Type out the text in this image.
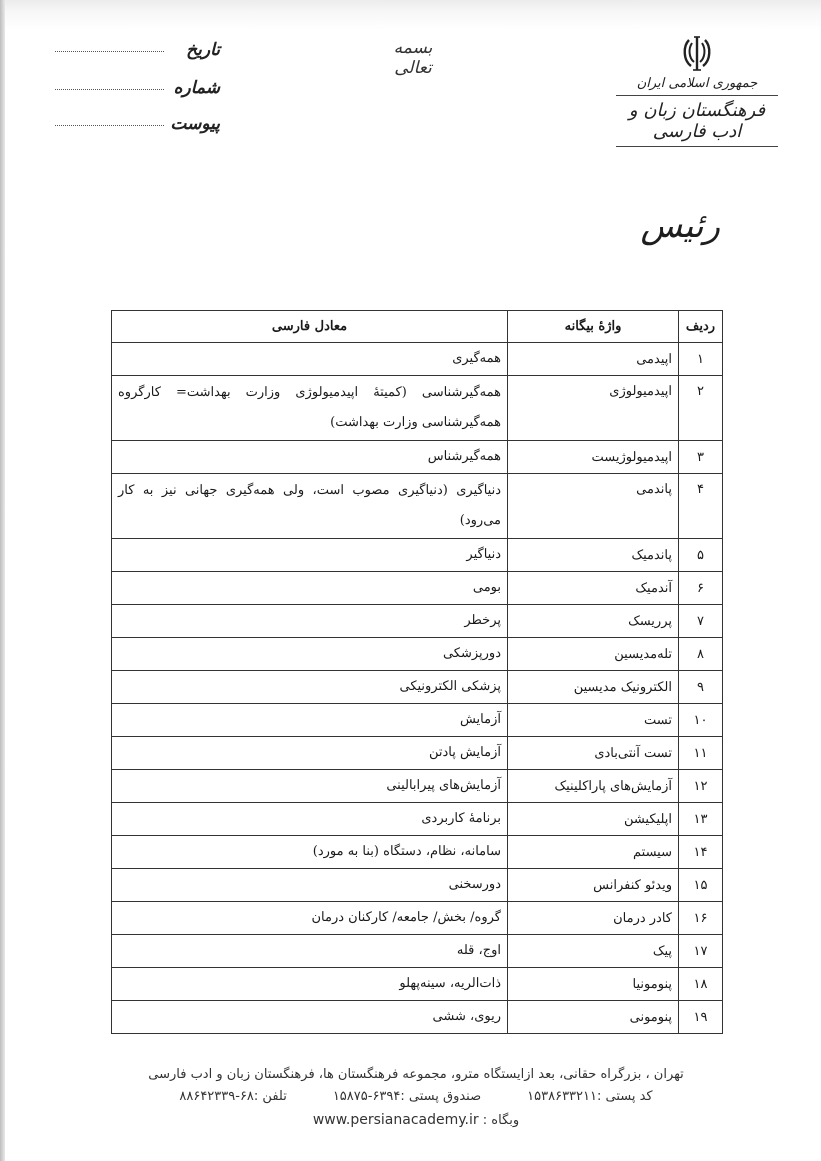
جمهوری اسلامی ایران
فرهنگستان زبان و ادب فارسی
بسمه تعالی
تاریخ
شماره
پیوست
رئیس
ردیف	واژهٔ بیگانه	معادل فارسی
۱	اپیدمی	همه‌گیری
۲	اپیدمیولوژی	همه‌گیرشناسی (کمیتهٔ اپیدمیولوژی وزارت بهداشت= کارگروه همه‌گیرشناسی وزارت بهداشت)
۳	اپیدمیولوژیست	همه‌گیرشناس
۴	پاندمی	دنیاگیری (دنیاگیری مصوب است، ولی همه‌گیری جهانی نیز به کار می‌رود)
۵	پاندمیک	دنیاگیر
۶	آندمیک	بومی
۷	پرریسک	پرخطر
۸	تله‌مدیسین	دورپزشکی
۹	الکترونیک مدیسین	پزشکی الکترونیکی
۱۰	تست	آزمایش
۱۱	تست آنتی‌بادی	آزمایش پادتن
۱۲	آزمایش‌های پاراکلینیک	آزمایش‌های پیرابالینی
۱۳	اپلیکیشن	برنامهٔ کاربردی
۱۴	سیستم	سامانه، نظام، دستگاه (بنا به مورد)
۱۵	ویدئو کنفرانس	دورسخنی
۱۶	کادر درمان	گروه/ بخش/ جامعه/ کارکنان درمان
۱۷	پیک	اوج، قله
۱۸	پنومونیا	ذات‌الریه، سینه‌پهلو
۱۹	پنومونی	ریوی، ششی
تهران ، بزرگراه حقانی، بعد ازایستگاه مترو، مجموعه فرهنگستان ها، فرهنگستان زبان و ادب فارسی
کد پستی :۱۵۳۸۶۳۳۲۱۱
صندوق پستی :۶۳۹۴-۱۵۸۷۵
تلفن :۶۸-۸۸۶۴۲۳۳۹
وبگاه : www.persianacademy.ir
